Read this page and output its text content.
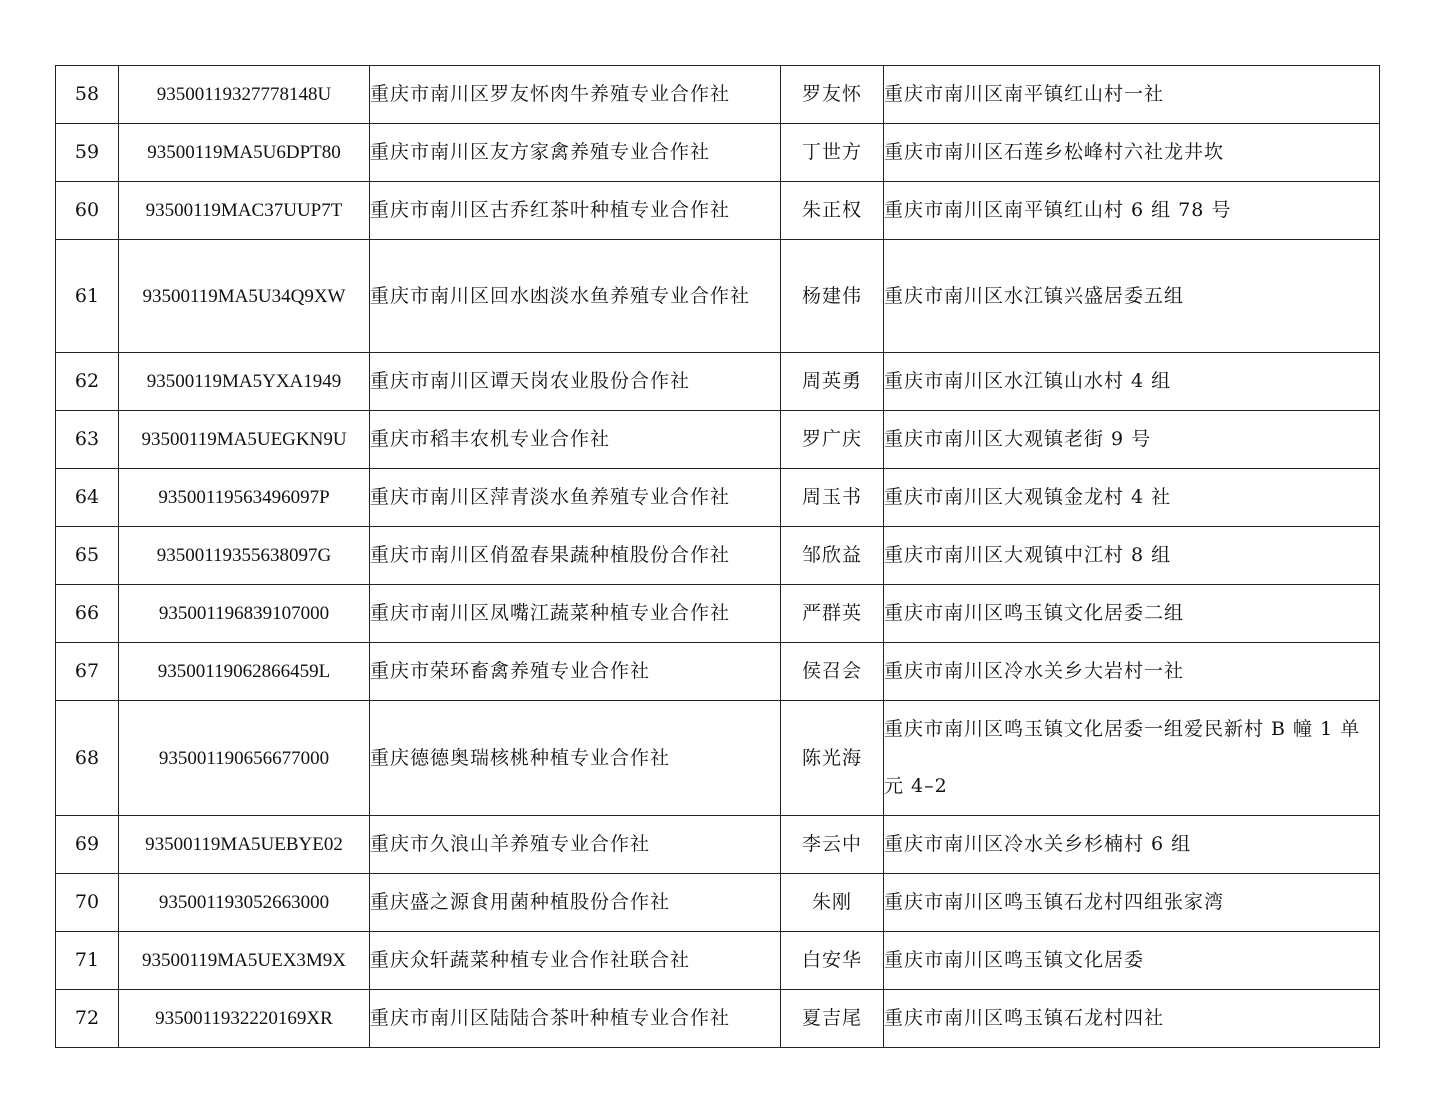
58	93500119327778148U	重庆市南川区罗友怀肉牛养殖专业合作社	罗友怀	重庆市南川区南平镇红山村一社
59	93500119MA5U6DPT80	重庆市南川区友方家禽养殖专业合作社	丁世方	重庆市南川区石莲乡松峰村六社龙井坎
60	93500119MAC37UUP7T	重庆市南川区古乔红茶叶种植专业合作社	朱正权	重庆市南川区南平镇红山村 6 组 78 号
61	93500119MA5U34Q9XW	重庆市南川区回水凼淡水鱼养殖专业合作社	杨建伟	重庆市南川区水江镇兴盛居委五组
62	93500119MA5YXA1949	重庆市南川区谭天岗农业股份合作社	周英勇	重庆市南川区水江镇山水村 4 组
63	93500119MA5UEGKN9U	重庆市稻丰农机专业合作社	罗广庆	重庆市南川区大观镇老街 9 号
64	93500119563496097P	重庆市南川区萍青淡水鱼养殖专业合作社	周玉书	重庆市南川区大观镇金龙村 4 社
65	93500119355638097G	重庆市南川区俏盈春果蔬种植股份合作社	邹欣益	重庆市南川区大观镇中江村 8 组
66	935001196839107000	重庆市南川区凤嘴江蔬菜种植专业合作社	严群英	重庆市南川区鸣玉镇文化居委二组
67	93500119062866459L	重庆市荣环畜禽养殖专业合作社	侯召会	重庆市南川区冷水关乡大岩村一社
68	935001190656677000	重庆德德奥瑞核桃种植专业合作社	陈光海	重庆市南川区鸣玉镇文化居委一组爱民新村 B 幢 1 单元 4–2
69	93500119MA5UEBYE02	重庆市久浪山羊养殖专业合作社	李云中	重庆市南川区冷水关乡杉楠村 6 组
70	935001193052663000	重庆盛之源食用菌种植股份合作社	朱刚	重庆市南川区鸣玉镇石龙村四组张家湾
71	93500119MA5UEX3M9X	重庆众轩蔬菜种植专业合作社联合社	白安华	重庆市南川区鸣玉镇文化居委
72	9350011932220169XR	重庆市南川区陆陆合茶叶种植专业合作社	夏吉尾	重庆市南川区鸣玉镇石龙村四社
